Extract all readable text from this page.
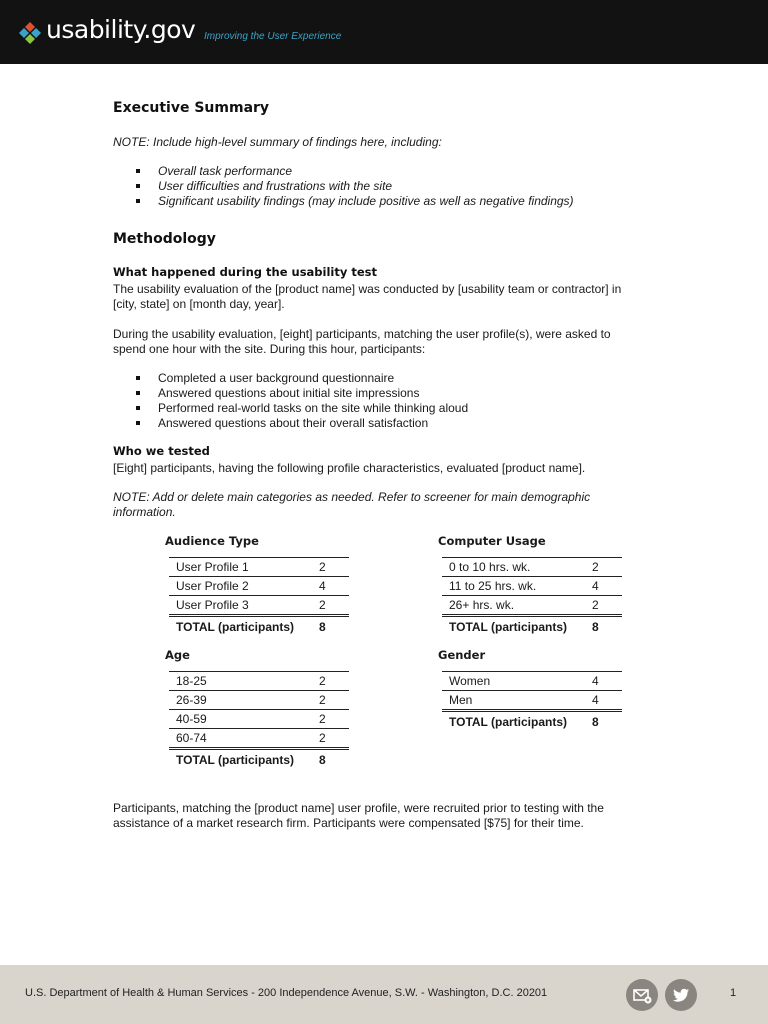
usability.gov Improving the User Experience
Executive Summary
NOTE: Include high-level summary of findings here, including:
Overall task performance
User difficulties and frustrations with the site
Significant usability findings (may include positive as well as negative findings)
Methodology
What happened during the usability test
The usability evaluation of the [product name] was conducted by [usability team or contractor] in
[city, state] on [month day, year].
During the usability evaluation, [eight] participants, matching the user profile(s), were asked to
spend one hour with the site. During this hour, participants:
Completed a user background questionnaire
Answered questions about initial site impressions
Performed real-world tasks on the site while thinking aloud
Answered questions about their overall satisfaction
Who we tested
[Eight] participants, having the following profile characteristics, evaluated [product name].
NOTE: Add or delete main categories as needed. Refer to screener for main demographic
information.
Audience Type
User Profile 1	2
User Profile 2	4
User Profile 3	2
TOTAL (participants)	8
Computer Usage
0 to 10 hrs. wk.	2
11 to 25 hrs. wk.	4
26+ hrs. wk.	2
TOTAL (participants)	8
Age
18-25	2
26-39	2
40-59	2
60-74	2
TOTAL (participants)	8
Gender
Women	4
Men	4
TOTAL (participants)	8
Participants, matching the [product name] user profile, were recruited prior to testing with the
assistance of a market research firm. Participants were compensated [$75] for their time.
U.S. Department of Health & Human Services - 200 Independence Avenue, S.W. - Washington, D.C. 20201	1
